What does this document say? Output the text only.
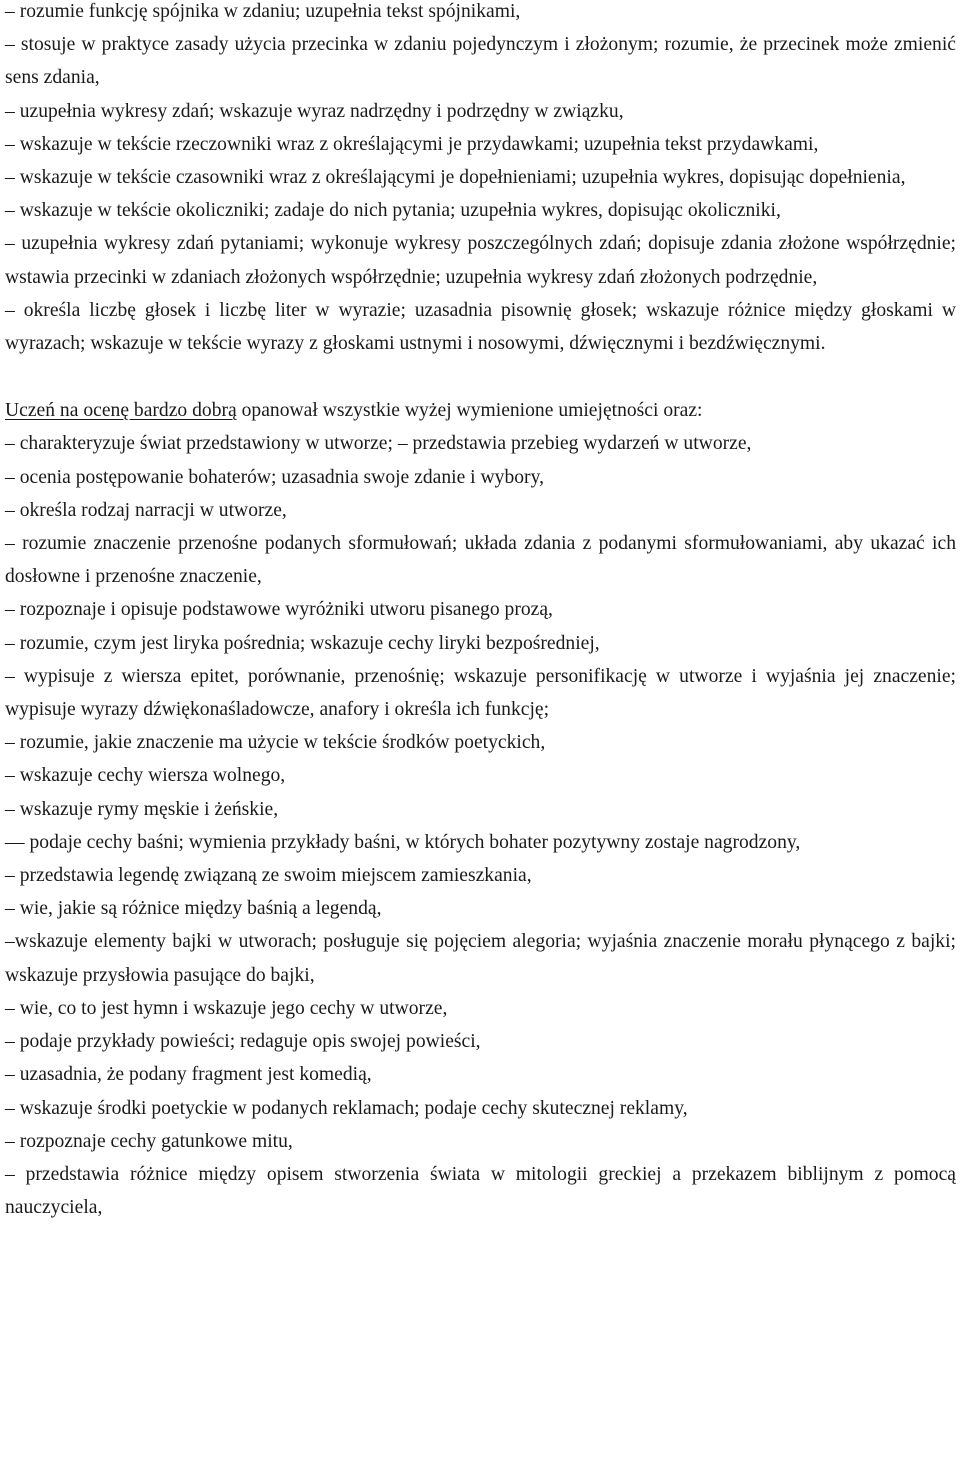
– rozumie funkcję spójnika w zdaniu; uzupełnia tekst spójnikami,

– stosuje w praktyce zasady użycia przecinka w zdaniu pojedynczym i złożonym; rozumie, że przecinek może zmienić sens zdania,

– uzupełnia wykresy zdań; wskazuje wyraz nadrzędny i podrzędny w związku,

– wskazuje w tekście rzeczowniki wraz z określającymi je przydawkami; uzupełnia tekst przydawkami,

– wskazuje w tekście czasowniki wraz z określającymi je dopełnieniami; uzupełnia wykres, dopisując dopełnienia,

– wskazuje w tekście okoliczniki; zadaje do nich pytania; uzupełnia wykres, dopisując okoliczniki,

– uzupełnia wykresy zdań pytaniami; wykonuje wykresy poszczególnych zdań; dopisuje zdania złożone współrzędnie; wstawia przecinki w zdaniach złożonych współrzędnie; uzupełnia wykresy zdań złożonych podrzędnie,

– określa liczbę głosek i liczbę liter w wyrazie; uzasadnia pisownię głosek; wskazuje różnice między głoskami w wyrazach; wskazuje w tekście wyrazy z głoskami ustnymi i nosowymi, dźwięcznymi i bezdźwięcznymi.

Uczeń na ocenę bardzo dobrą opanował wszystkie wyżej wymienione umiejętności oraz:

– charakteryzuje świat przedstawiony w utworze; – przedstawia przebieg wydarzeń w utworze,

– ocenia postępowanie bohaterów; uzasadnia swoje zdanie i wybory,

– określa rodzaj narracji w utworze,

– rozumie znaczenie przenośne podanych sformułowań; układa zdania z podanymi sformułowaniami, aby ukazać ich dosłowne i przenośne znaczenie,

– rozpoznaje i opisuje podstawowe wyróżniki utworu pisanego prozą,

– rozumie, czym jest liryka pośrednia; wskazuje cechy liryki bezpośredniej,

– wypisuje z wiersza epitet, porównanie, przenośnię; wskazuje personifikację w utworze i wyjaśnia jej znaczenie; wypisuje wyrazy dźwiękonaśladowcze, anafory i określa ich funkcję;

– rozumie, jakie znaczenie ma użycie w tekście środków poetyckich,

– wskazuje cechy wiersza wolnego,

– wskazuje rymy męskie i żeńskie,

— podaje cechy baśni; wymienia przykłady baśni, w których bohater pozytywny zostaje nagrodzony,

– przedstawia legendę związaną ze swoim miejscem zamieszkania,

– wie, jakie są różnice między baśnią a legendą,

–wskazuje elementy bajki w utworach; posługuje się pojęciem alegoria; wyjaśnia znaczenie morału płynącego z bajki; wskazuje przysłowia pasujące do bajki,

– wie, co to jest hymn i wskazuje jego cechy w utworze,

– podaje przykłady powieści; redaguje opis swojej powieści,

– uzasadnia, że podany fragment jest komedią,

– wskazuje środki poetyckie w podanych reklamach; podaje cechy skutecznej reklamy,

– rozpoznaje cechy gatunkowe mitu,

– przedstawia różnice między opisem stworzenia świata w mitologii greckiej a przekazem biblijnym z pomocą nauczyciela,
